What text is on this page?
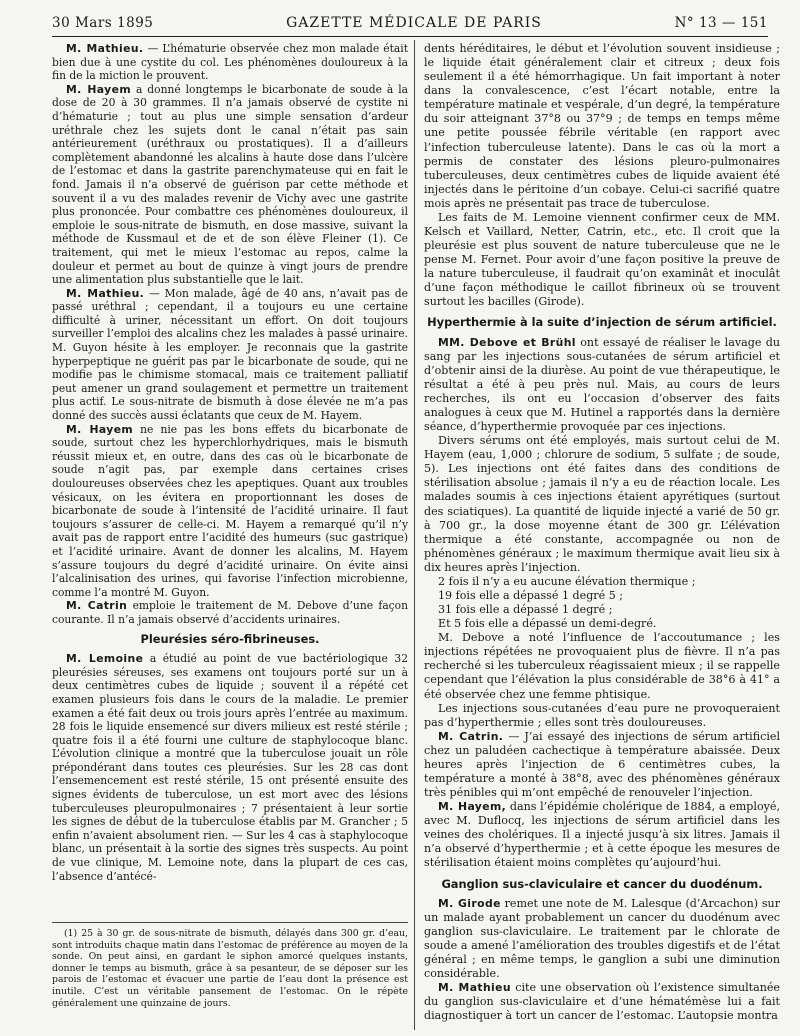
30 Mars 1895	GAZETTE MÉDICALE DE PARIS	N° 13 — 151

M. Mathieu. — L’hématurie observée chez mon malade était bien due à une cystite du col. Les phénomènes douloureux à la fin de la miction le prouvent.

M. Hayem a donné longtemps le bicarbonate de soude à la dose de 20 à 30 grammes. Il n’a jamais observé de cystite ni d’hématurie ; tout au plus une simple sensation d’ardeur uréthrale chez les sujets dont le canal n’était pas sain antérieurement (uréthraux ou prostatiques). Il a d’ailleurs complètement abandonné les alcalins à haute dose dans l’ulcère de l’estomac et dans la gastrite parenchymateuse qui en fait le fond. Jamais il n’a observé de guérison par cette méthode et souvent il a vu des malades revenir de Vichy avec une gastrite plus prononcée. Pour combattre ces phénomènes douloureux, il emploie le sous-nitrate de bismuth, en dose massive, suivant la méthode de Kussmaul et de et de son élève Fleiner (1). Ce traitement, qui met le mieux l’estomac au repos, calme la douleur et permet au bout de quinze à vingt jours de prendre une alimentation plus substantielle que le lait.

M. Mathieu. — Mon malade, âgé de 40 ans, n’avait pas de passé uréthral ; cependant, il a toujours eu une certaine difficulté à uriner, nécessitant un effort. On doit toujours surveiller l’emploi des alcalins chez les malades à passé urinaire. M. Guyon hésite à les employer. Je reconnais que la gastrite hyperpeptique ne guérit pas par le bicarbonate de soude, qui ne modifie pas le chimisme stomacal, mais ce traitement palliatif peut amener un grand soulagement et permettre un traitement plus actif. Le sous-nitrate de bismuth à dose élevée ne m’a pas donné des succès aussi éclatants que ceux de M. Hayem.

M. Hayem ne nie pas les bons effets du bicarbonate de soude, surtout chez les hyperchlorhydriques, mais le bismuth réussit mieux et, en outre, dans des cas où le bicarbonate de soude n’agit pas, par exemple dans certaines crises douloureuses observées chez les apeptiques. Quant aux troubles vésicaux, on les évitera en proportionnant les doses de bicarbonate de soude à l’intensité de l’acidité urinaire. Il faut toujours s’assurer de celle-ci. M. Hayem a remarqué qu’il n’y avait pas de rapport entre l’acidité des humeurs (suc gastrique) et l’acidité urinaire. Avant de donner les alcalins, M. Hayem s’assure toujours du degré d’acidité urinaire. On évite ainsi l’alcalinisation des urines, qui favorise l’infection microbienne, comme l’a montré M. Guyon.

M. Catrin emploie le traitement de M. Debove d’une façon courante. Il n’a jamais observé d’accidents urinaires.

Pleurésies séro-fibrineuses.

M. Lemoine a étudié au point de vue bactériologique 32 pleurésies séreuses, ses examens ont toujours porté sur un à deux centimètres cubes de liquide ; souvent il a répété cet examen plusieurs fois dans le cours de la maladie. Le premier examen a été fait deux ou trois jours après l’entrée au maximum. 28 fois le liquide ensemencé sur divers milieux est resté stérile ; quatre fois il a été fourni une culture de staphylocoque blanc. L’évolution clinique a montré que la tuberculose jouait un rôle prépondérant dans toutes ces pleurésies. Sur les 28 cas dont l’ensemencement est resté stérile, 15 ont présenté ensuite des signes évidents de tuberculose, un est mort avec des lésions tuberculeuses pleuropulmonaires ; 7 présentaient à leur sortie les signes de début de la tuberculose établis par M. Grancher ; 5 enfin n’avaient absolument rien. — Sur les 4 cas à staphylocoque blanc, un présentait à la sortie des signes très suspects. Au point de vue clinique, M. Lemoine note, dans la plupart de ces cas, l’absence d’antécé-

dents héréditaires, le début et l’évolution souvent insidieuse ; le liquide était généralement clair et citreux ; deux fois seulement il a été hémorrhagique. Un fait important à noter dans la convalescence, c’est l’écart notable, entre la température matinale et vespérale, d’un degré, la température du soir atteignant 37°8 ou 37°9 ; de temps en temps même une petite poussée fébrile véritable (en rapport avec l’infection tuberculeuse latente). Dans le cas où la mort a permis de constater des lésions pleuro-pulmonaires tuberculeuses, deux centimètres cubes de liquide avaient été injectés dans le péritoine d’un cobaye. Celui-ci sacrifié quatre mois après ne présentait pas trace de tuberculose.

Les faits de M. Lemoine viennent confirmer ceux de MM. Kelsch et Vaillard, Netter, Catrin, etc., etc. Il croit que la pleurésie est plus souvent de nature tuberculeuse que ne le pense M. Fernet. Pour avoir d’une façon positive la preuve de la nature tuberculeuse, il faudrait qu’on examinât et inoculât d’une façon méthodique le caillot fibrineux où se trouvent surtout les bacilles (Girode).

Hyperthermie à la suite d’injection de sérum artificiel.

MM. Debove et Brühl ont essayé de réaliser le lavage du sang par les injections sous-cutanées de sérum artificiel et d’obtenir ainsi de la diurèse. Au point de vue thérapeutique, le résultat a été à peu près nul. Mais, au cours de leurs recherches, ils ont eu l’occasion d’observer des faits analogues à ceux que M. Hutinel a rapportés dans la dernière séance, d’hyperthermie provoquée par ces injections.

Divers sérums ont été employés, mais surtout celui de M. Hayem (eau, 1,000 ; chlorure de sodium, 5 sulfate ; de soude, 5). Les injections ont été faites dans des conditions de stérilisation absolue ; jamais il n’y a eu de réaction locale. Les malades soumis à ces injections étaient apyrétiques (surtout des sciatiques). La quantité de liquide injecté a varié de 50 gr. à 700 gr., la dose moyenne étant de 300 gr. L’élévation thermique a été constante, accompagnée ou non de phénomènes généraux ; le maximum thermique avait lieu six à dix heures après l’injection.

2 fois il n’y a eu aucune élévation thermique ;

19 fois elle a dépassé 1 degré 5 ;

31 fois elle a dépassé 1 degré ;

Et 5 fois elle a dépassé un demi-degré.

M. Debove a noté l’influence de l’accoutumance ; les injections répétées ne provoquaient plus de fièvre. Il n’a pas recherché si les tuberculeux réagissaient mieux ; il se rappelle cependant que l’élévation la plus considérable de 38°6 à 41° a été observée chez une femme phtisique.

Les injections sous-cutanées d’eau pure ne provoqueraient pas d’hyperthermie ; elles sont très douloureuses.

M. Catrin. — J’ai essayé des injections de sérum artificiel chez un paludéen cachectique à température abaissée. Deux heures après l’injection de 6 centimètres cubes, la température a monté à 38°8, avec des phénomènes généraux très pénibles qui m’ont empêché de renouveler l’injection.

M. Hayem, dans l’épidémie cholérique de 1884, a employé, avec M. Duflocq, les injections de sérum artificiel dans les veines des cholériques. Il a injecté jusqu’à six litres. Jamais il n’a observé d’hyperthermie ; et à cette époque les mesures de stérilisation étaient moins complètes qu’aujourd’hui.

Ganglion sus-claviculaire et cancer du duodénum.

M. Girode remet une note de M. Lalesque (d’Arcachon) sur un malade ayant probablement un cancer du duodénum avec ganglion sus-claviculaire. Le traitement par le chlorate de soude a amené l’amélioration des troubles digestifs et de l’état général ; en même temps, le ganglion a subi une diminution considérable.

M. Mathieu cite une observation où l’existence simultanée du ganglion sus-claviculaire et d’une hématémèse lui a fait diagnostiquer à tort un cancer de l’estomac. L’autopsie montra

(1) 25 à 30 gr. de sous-nitrate de bismuth, délayés dans 300 gr. d’eau, sont introduits chaque matin dans l’estomac de préférence au moyen de la sonde. On peut ainsi, en gardant le siphon amorcé quelques instants, donner le temps au bismuth, grâce à sa pesanteur, de se déposer sur les parois de l’estomac et évacuer une partie de l’eau dont la présence est inutile. C’est un véritable pansement de l’estomac. On le répète généralement une quinzaine de jours.
